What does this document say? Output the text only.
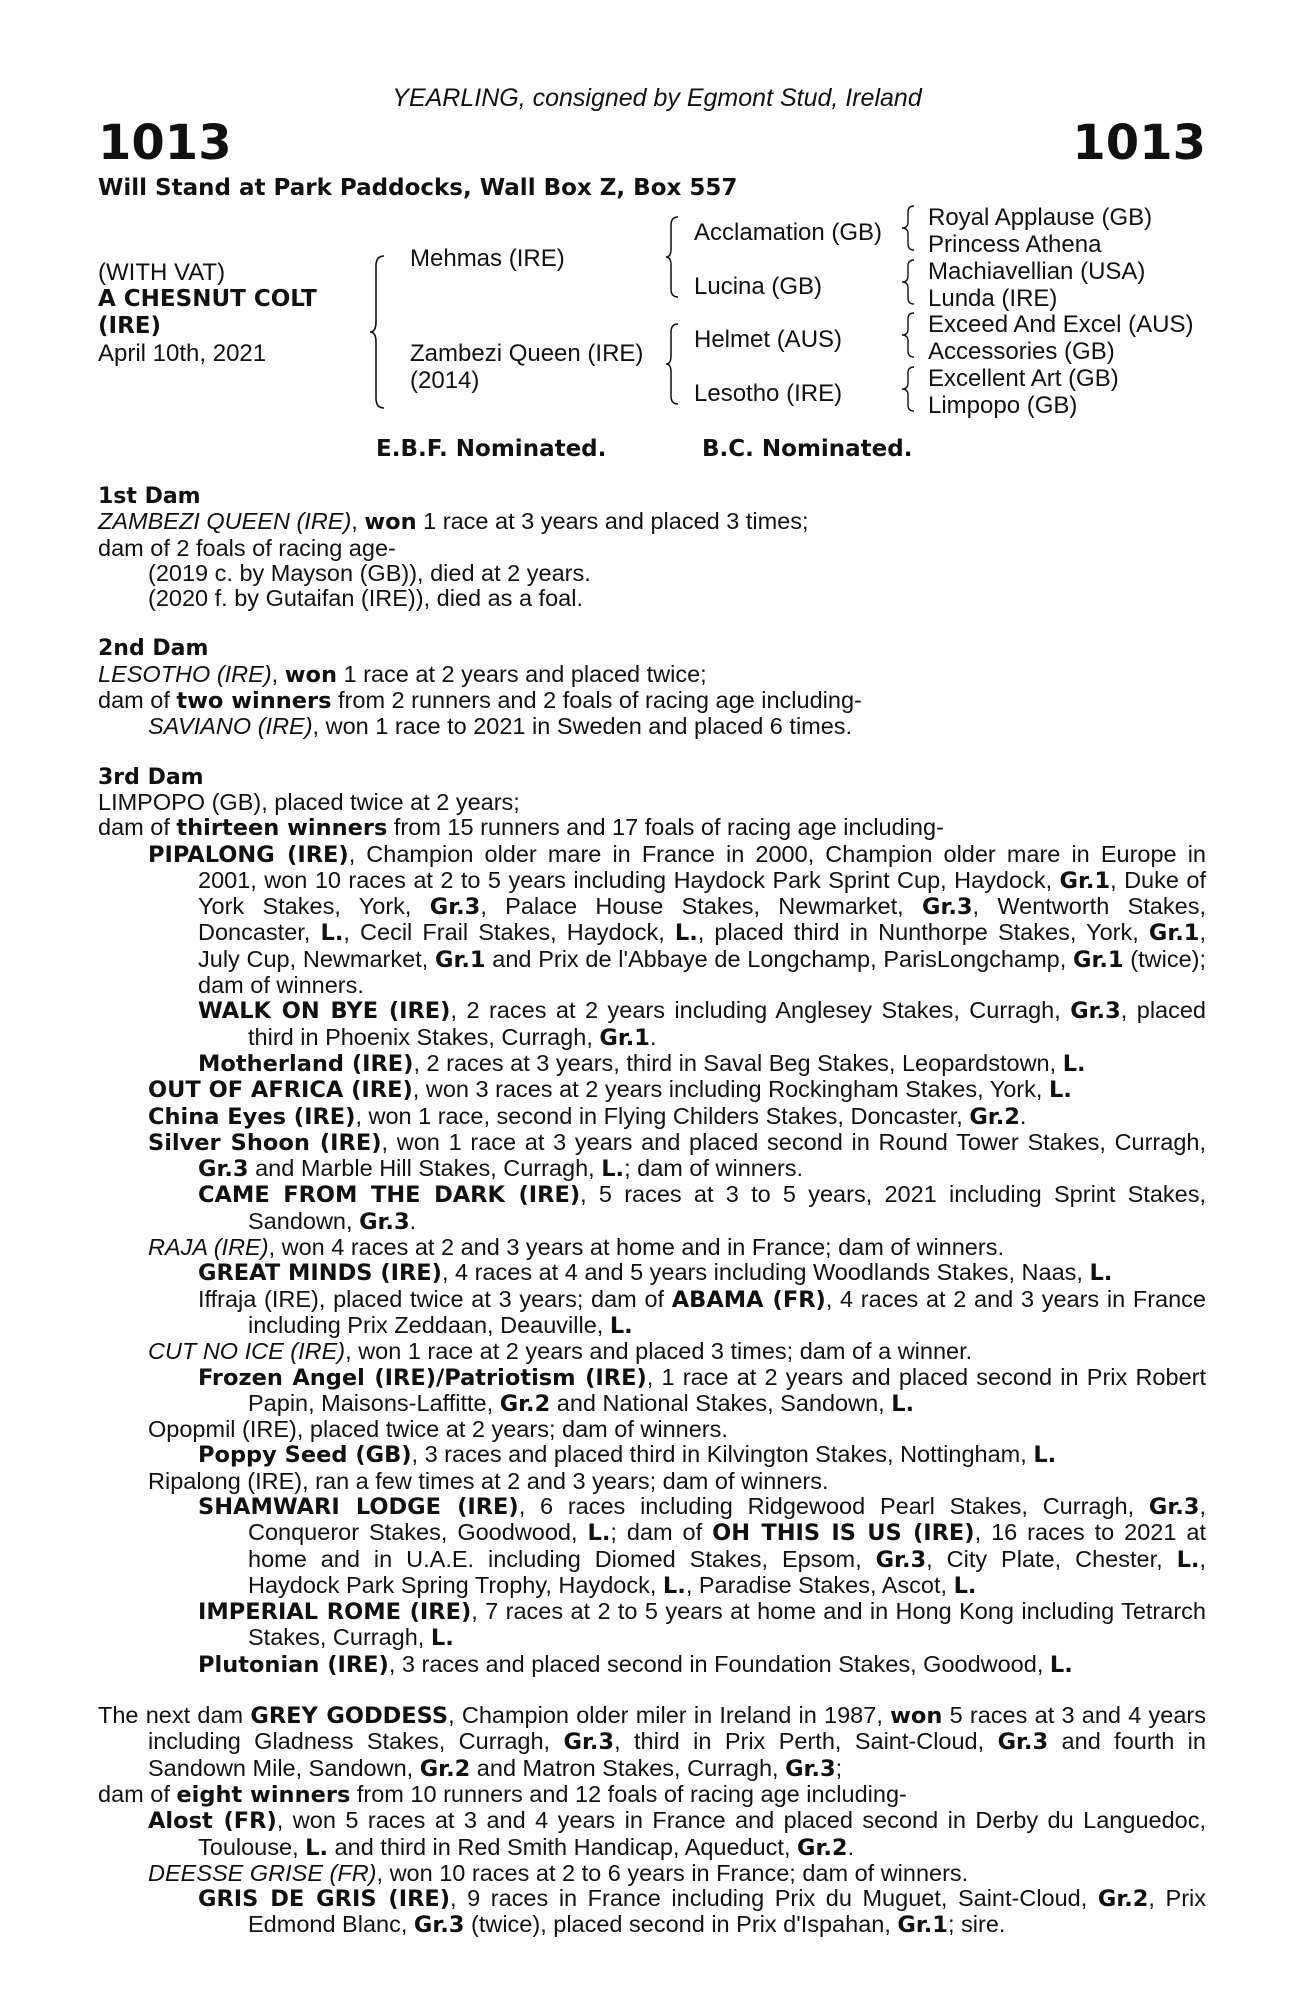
YEARLING, consigned by Egmont Stud, Ireland
1013	1013
Will Stand at Park Paddocks, Wall Box Z, Box 557
(WITH VAT)
A CHESNUT COLT
(IRE)
April 10th, 2021
Mehmas (IRE)
Zambezi Queen (IRE)
(2014)
Acclamation (GB)
Lucina (GB)
Helmet (AUS)
Lesotho (IRE)
Royal Applause (GB)
Princess Athena
Machiavellian (USA)
Lunda (IRE)
Exceed And Excel (AUS)
Accessories (GB)
Excellent Art (GB)
Limpopo (GB)
E.B.F. Nominated.	B.C. Nominated.
1st Dam
ZAMBEZI QUEEN (IRE), won 1 race at 3 years and placed 3 times;
dam of 2 foals of racing age-
(2019 c. by Mayson (GB)), died at 2 years.
(2020 f. by Gutaifan (IRE)), died as a foal.
2nd Dam
LESOTHO (IRE), won 1 race at 2 years and placed twice;
dam of two winners from 2 runners and 2 foals of racing age including-
SAVIANO (IRE), won 1 race to 2021 in Sweden and placed 6 times.
3rd Dam
LIMPOPO (GB), placed twice at 2 years;
dam of thirteen winners from 15 runners and 17 foals of racing age including-
PIPALONG (IRE), Champion older mare in France in 2000, Champion older mare in Europe in 2001, won 10 races at 2 to 5 years including Haydock Park Sprint Cup, Haydock, Gr.1, Duke of York Stakes, York, Gr.3, Palace House Stakes, Newmarket, Gr.3, Wentworth Stakes, Doncaster, L., Cecil Frail Stakes, Haydock, L., placed third in Nunthorpe Stakes, York, Gr.1, July Cup, Newmarket, Gr.1 and Prix de l'Abbaye de Longchamp, ParisLongchamp, Gr.1 (twice); dam of winners.
WALK ON BYE (IRE), 2 races at 2 years including Anglesey Stakes, Curragh, Gr.3, placed third in Phoenix Stakes, Curragh, Gr.1.
Motherland (IRE), 2 races at 3 years, third in Saval Beg Stakes, Leopardstown, L.
OUT OF AFRICA (IRE), won 3 races at 2 years including Rockingham Stakes, York, L.
China Eyes (IRE), won 1 race, second in Flying Childers Stakes, Doncaster, Gr.2.
Silver Shoon (IRE), won 1 race at 3 years and placed second in Round Tower Stakes, Curragh, Gr.3 and Marble Hill Stakes, Curragh, L.; dam of winners.
CAME FROM THE DARK (IRE), 5 races at 3 to 5 years, 2021 including Sprint Stakes, Sandown, Gr.3.
RAJA (IRE), won 4 races at 2 and 3 years at home and in France; dam of winners.
GREAT MINDS (IRE), 4 races at 4 and 5 years including Woodlands Stakes, Naas, L.
Iffraja (IRE), placed twice at 3 years; dam of ABAMA (FR), 4 races at 2 and 3 years in France including Prix Zeddaan, Deauville, L.
CUT NO ICE (IRE), won 1 race at 2 years and placed 3 times; dam of a winner.
Frozen Angel (IRE)/Patriotism (IRE), 1 race at 2 years and placed second in Prix Robert Papin, Maisons-Laffitte, Gr.2 and National Stakes, Sandown, L.
Opopmil (IRE), placed twice at 2 years; dam of winners.
Poppy Seed (GB), 3 races and placed third in Kilvington Stakes, Nottingham, L.
Ripalong (IRE), ran a few times at 2 and 3 years; dam of winners.
SHAMWARI LODGE (IRE), 6 races including Ridgewood Pearl Stakes, Curragh, Gr.3, Conqueror Stakes, Goodwood, L.; dam of OH THIS IS US (IRE), 16 races to 2021 at home and in U.A.E. including Diomed Stakes, Epsom, Gr.3, City Plate, Chester, L., Haydock Park Spring Trophy, Haydock, L., Paradise Stakes, Ascot, L.
IMPERIAL ROME (IRE), 7 races at 2 to 5 years at home and in Hong Kong including Tetrarch Stakes, Curragh, L.
Plutonian (IRE), 3 races and placed second in Foundation Stakes, Goodwood, L.
The next dam GREY GODDESS, Champion older miler in Ireland in 1987, won 5 races at 3 and 4 years including Gladness Stakes, Curragh, Gr.3, third in Prix Perth, Saint-Cloud, Gr.3 and fourth in Sandown Mile, Sandown, Gr.2 and Matron Stakes, Curragh, Gr.3;
dam of eight winners from 10 runners and 12 foals of racing age including-
Alost (FR), won 5 races at 3 and 4 years in France and placed second in Derby du Languedoc, Toulouse, L. and third in Red Smith Handicap, Aqueduct, Gr.2.
DEESSE GRISE (FR), won 10 races at 2 to 6 years in France; dam of winners.
GRIS DE GRIS (IRE), 9 races in France including Prix du Muguet, Saint-Cloud, Gr.2, Prix Edmond Blanc, Gr.3 (twice), placed second in Prix d'Ispahan, Gr.1; sire.
